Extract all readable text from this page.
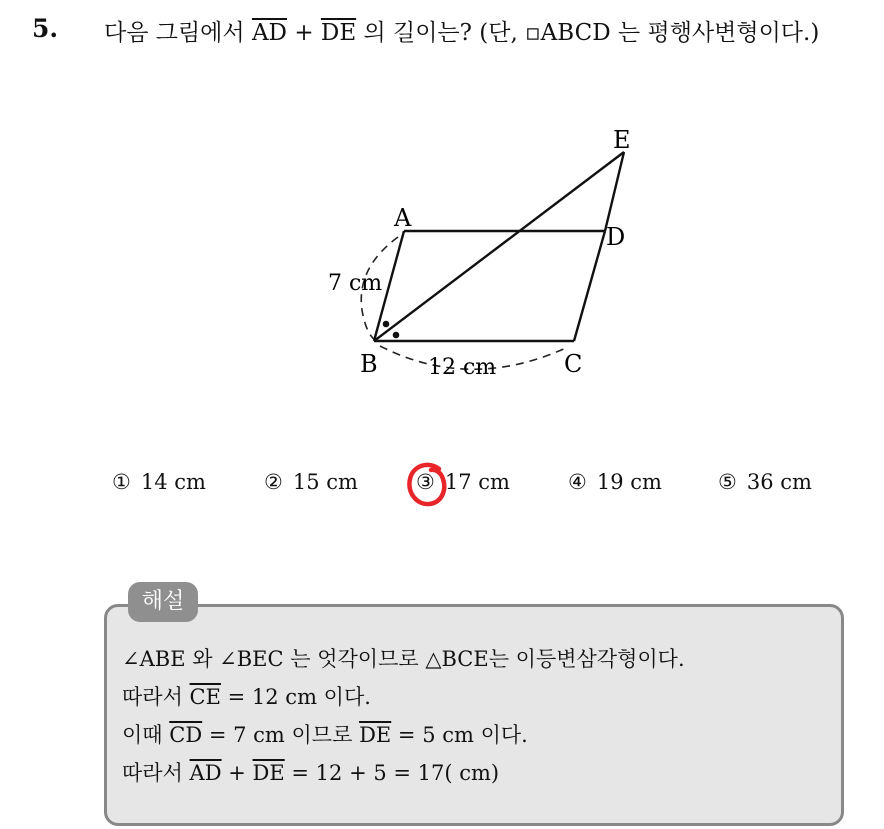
5. 다음 그림에서 $\overline{AD} + \overline{DE}$ 의 길이는? (단, ▫ABCD 는 평행사변형이다.)
A
B	C
D
E
7 cm
12 cm
① 14 cm	② 15 cm	③ 17 cm	④ 19 cm	⑤ 36 cm
해설
∠ABE 와 ∠BEC 는 엇각이므로 △BCE는 이등변삼각형이다.
따라서 $\overline{CE} = 12$ cm 이다.
이때 $\overline{CD} = 7$ cm 이므로 $\overline{DE} = 5$ cm 이다.
따라서 $\overline{AD} + \overline{DE} = 12 + 5 = 17$( cm)
